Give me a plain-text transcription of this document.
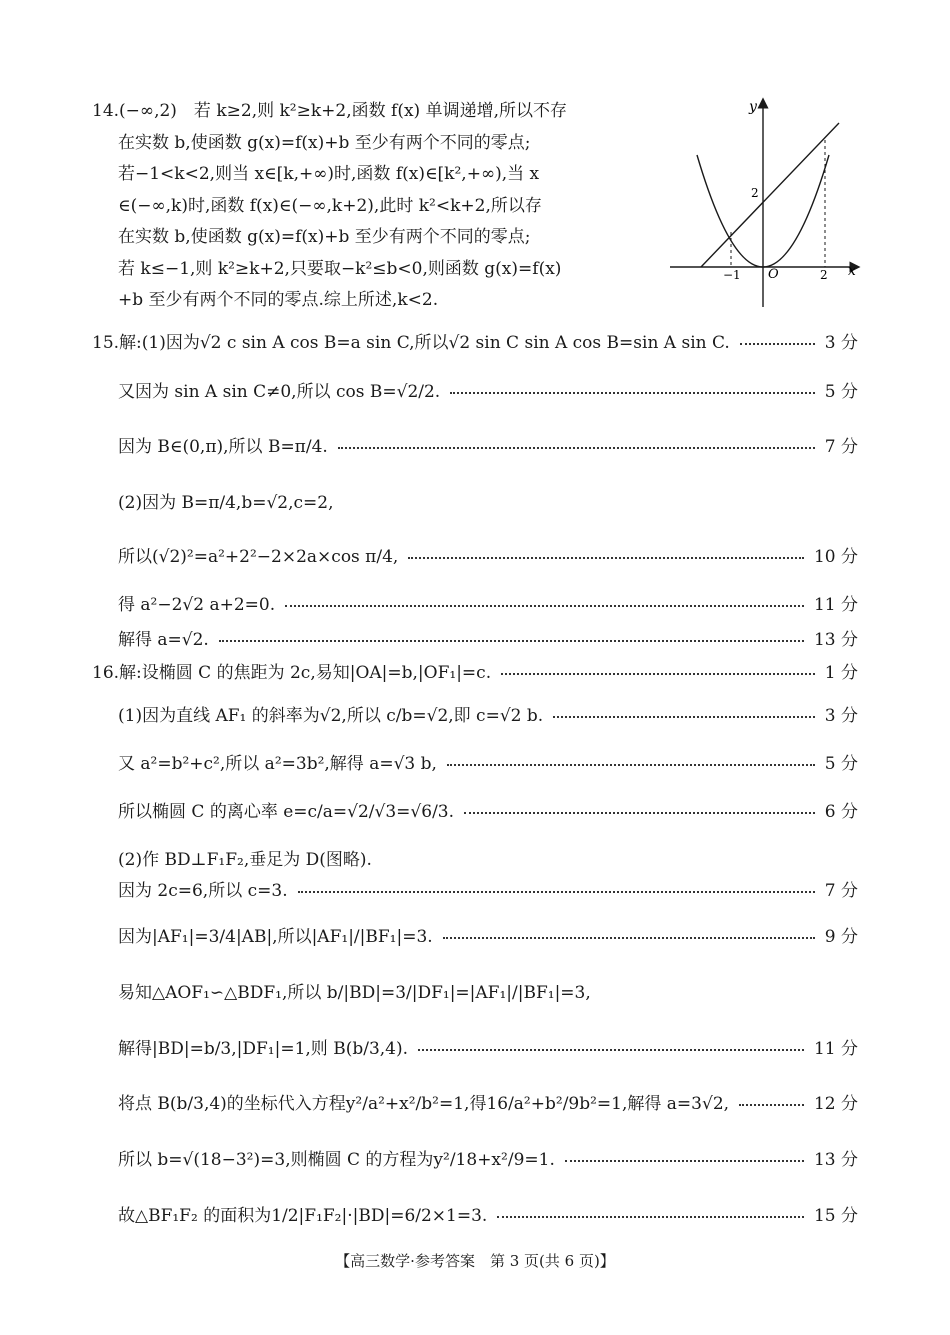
14.(−∞,2)　若 k≥2,则 k²≥k+2,函数 f(x) 单调递增,所以不存
在实数 b,使函数 g(x)=f(x)+b 至少有两个不同的零点;
若−1<k<2,则当 x∈[k,+∞)时,函数 f(x)∈[k²,+∞),当 x
∈(−∞,k)时,函数 f(x)∈(−∞,k+2),此时 k²<k+2,所以存
在实数 b,使函数 g(x)=f(x)+b 至少有两个不同的零点;
若 k≤−1,则 k²≥k+2,只要取−k²≤b<0,则函数 g(x)=f(x)
+b 至少有两个不同的零点.综上所述,k<2.
y
x
O
−1	2
2
15.解:(1)因为√2 c sin A cos B=a sin C,所以√2 sin C sin A cos B=sin A sin C.	3 分
又因为 sin A sin C≠0,所以 cos B=√2/2.	5 分
因为 B∈(0,π),所以 B=π/4.	7 分
(2)因为 B=π/4,b=√2,c=2,
所以(√2)²=a²+2²−2×2a×cos π/4,	10 分
得 a²−2√2 a+2=0.	11 分
解得 a=√2.	13 分
16.解:设椭圆 C 的焦距为 2c,易知|OA|=b,|OF₁|=c.	1 分
(1)因为直线 AF₁ 的斜率为√2,所以 c/b=√2,即 c=√2 b.	3 分
又 a²=b²+c²,所以 a²=3b²,解得 a=√3 b,	5 分
所以椭圆 C 的离心率 e=c/a=√2/√3=√6/3.	6 分
(2)作 BD⊥F₁F₂,垂足为 D(图略).
因为 2c=6,所以 c=3.	7 分
因为|AF₁|=3/4|AB|,所以|AF₁|/|BF₁|=3.	9 分
易知△AOF₁∽△BDF₁,所以 b/|BD|=3/|DF₁|=|AF₁|/|BF₁|=3,
解得|BD|=b/3,|DF₁|=1,则 B(b/3,4).	11 分
将点 B(b/3,4)的坐标代入方程y²/a²+x²/b²=1,得16/a²+b²/9b²=1,解得 a=3√2,	12 分
所以 b=√(18−3²)=3,则椭圆 C 的方程为y²/18+x²/9=1.	13 分
故△BF₁F₂ 的面积为1/2|F₁F₂|·|BD|=6/2×1=3.	15 分
【高三数学·参考答案　第 3 页(共 6 页)】
